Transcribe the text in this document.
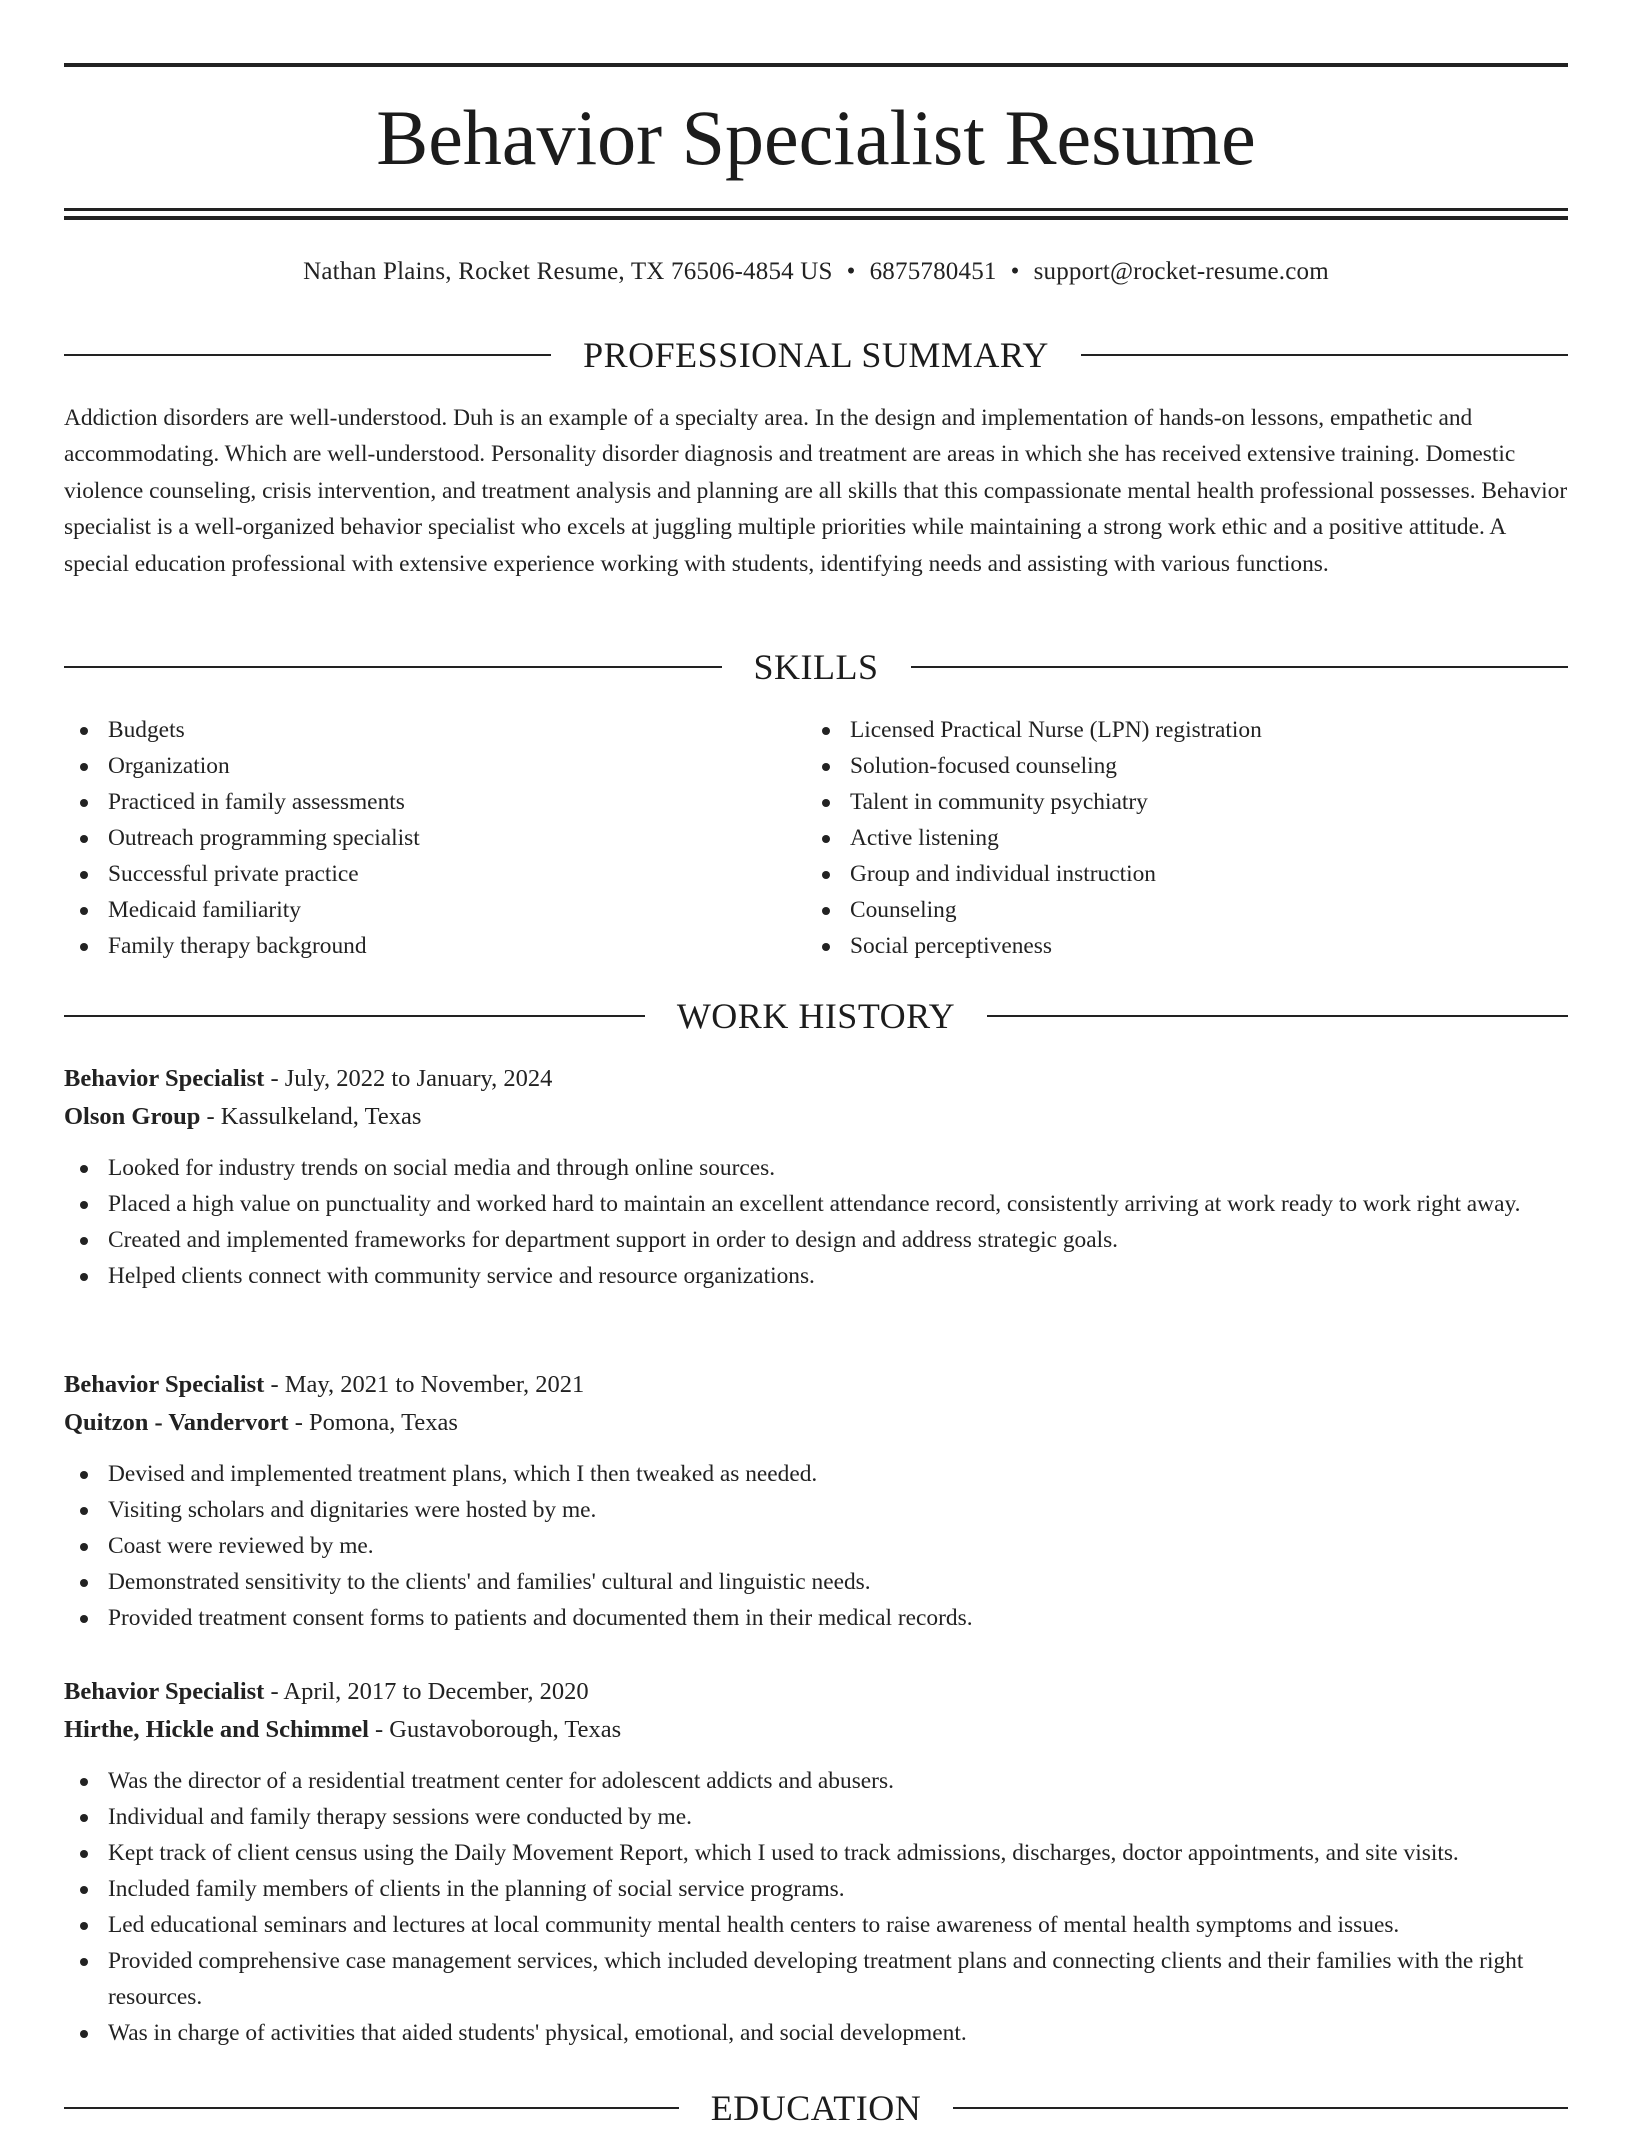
Behavior Specialist Resume
Nathan Plains, Rocket Resume, TX 76506-4854 US • 6875780451 • support@rocket-resume.com
PROFESSIONAL SUMMARY

Addiction disorders are well-understood. Duh is an example of a specialty area. In the design and implementation of hands-on lessons, empathetic and accommodating. Which are well-understood. Personality disorder diagnosis and treatment are areas in which she has received extensive training. Domestic violence counseling, crisis intervention, and treatment analysis and planning are all skills that this compassionate mental health professional possesses. Behavior specialist is a well-organized behavior specialist who excels at juggling multiple priorities while maintaining a strong work ethic and a positive attitude. A special education professional with extensive experience working with students, identifying needs and assisting with various functions.

SKILLS
Budgets
Organization
Practiced in family assessments
Outreach programming specialist
Successful private practice
Medicaid familiarity
Family therapy background
Licensed Practical Nurse (LPN) registration
Solution-focused counseling
Talent in community psychiatry
Active listening
Group and individual instruction
Counseling
Social perceptiveness
WORK HISTORY

Behavior Specialist - July, 2022 to January, 2024

Olson Group - Kassulkeland, Texas

Looked for industry trends on social media and through online sources.
Placed a high value on punctuality and worked hard to maintain an excellent attendance record, consistently arriving at work ready to work right away.
Created and implemented frameworks for department support in order to design and address strategic goals.
Helped clients connect with community service and resource organizations.

Behavior Specialist - May, 2021 to November, 2021

Quitzon - Vandervort - Pomona, Texas

Devised and implemented treatment plans, which I then tweaked as needed.
Visiting scholars and dignitaries were hosted by me.
Coast were reviewed by me.
Demonstrated sensitivity to the clients' and families' cultural and linguistic needs.
Provided treatment consent forms to patients and documented them in their medical records.

Behavior Specialist - April, 2017 to December, 2020

Hirthe, Hickle and Schimmel - Gustavoborough, Texas

Was the director of a residential treatment center for adolescent addicts and abusers.
Individual and family therapy sessions were conducted by me.
Kept track of client census using the Daily Movement Report, which I used to track admissions, discharges, doctor appointments, and site visits.
Included family members of clients in the planning of social service programs.
Led educational seminars and lectures at local community mental health centers to raise awareness of mental health symptoms and issues.
Provided comprehensive case management services, which included developing treatment plans and connecting clients and their families with the right resources.
Was in charge of activities that aided students' physical, emotional, and social development.
EDUCATION
